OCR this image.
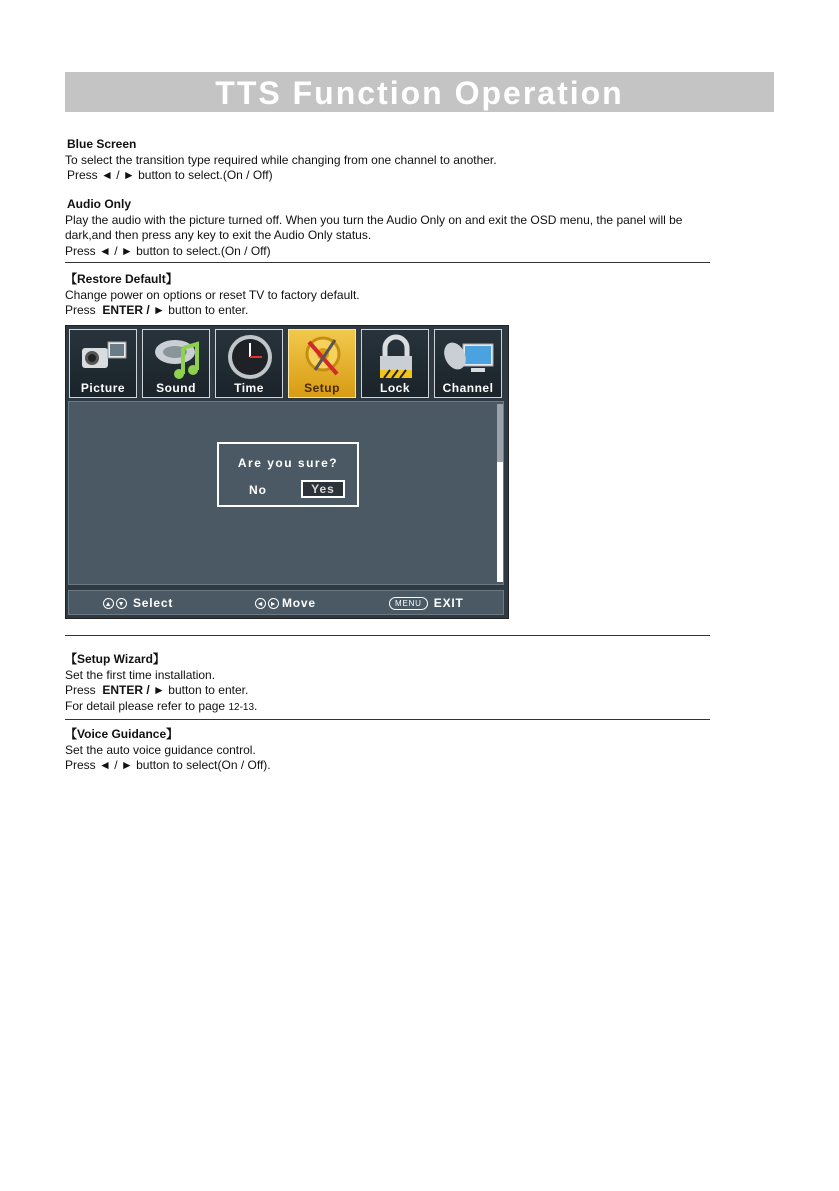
TTS Function Operation

Blue Screen

To select the transition type required while changing from one channel to another.

Press ◄ / ► button to select.(On / Off)

Audio Only

Play the audio with the picture turned off. When you turn the Audio Only on and exit the OSD menu, the panel will be

dark,and then press any key to exit the Audio Only status.

Press ◄ / ► button to select.(On / Off)

【Restore Default】

Change power on options or reset TV to factory default.

Press ENTER / ► button to enter.

Picture	Sound	Time	Setup	Lock	Channel
Are you sure?
No	Yes
▲ ▼ Select	◄ ► Move	MENU	EXIT

【Setup Wizard】

Set the first time installation.

Press ENTER / ► button to enter.

For detail please refer to page 12-13.

【Voice Guidance】

Set the auto voice guidance control.

Press ◄ / ► button to select(On / Off).
